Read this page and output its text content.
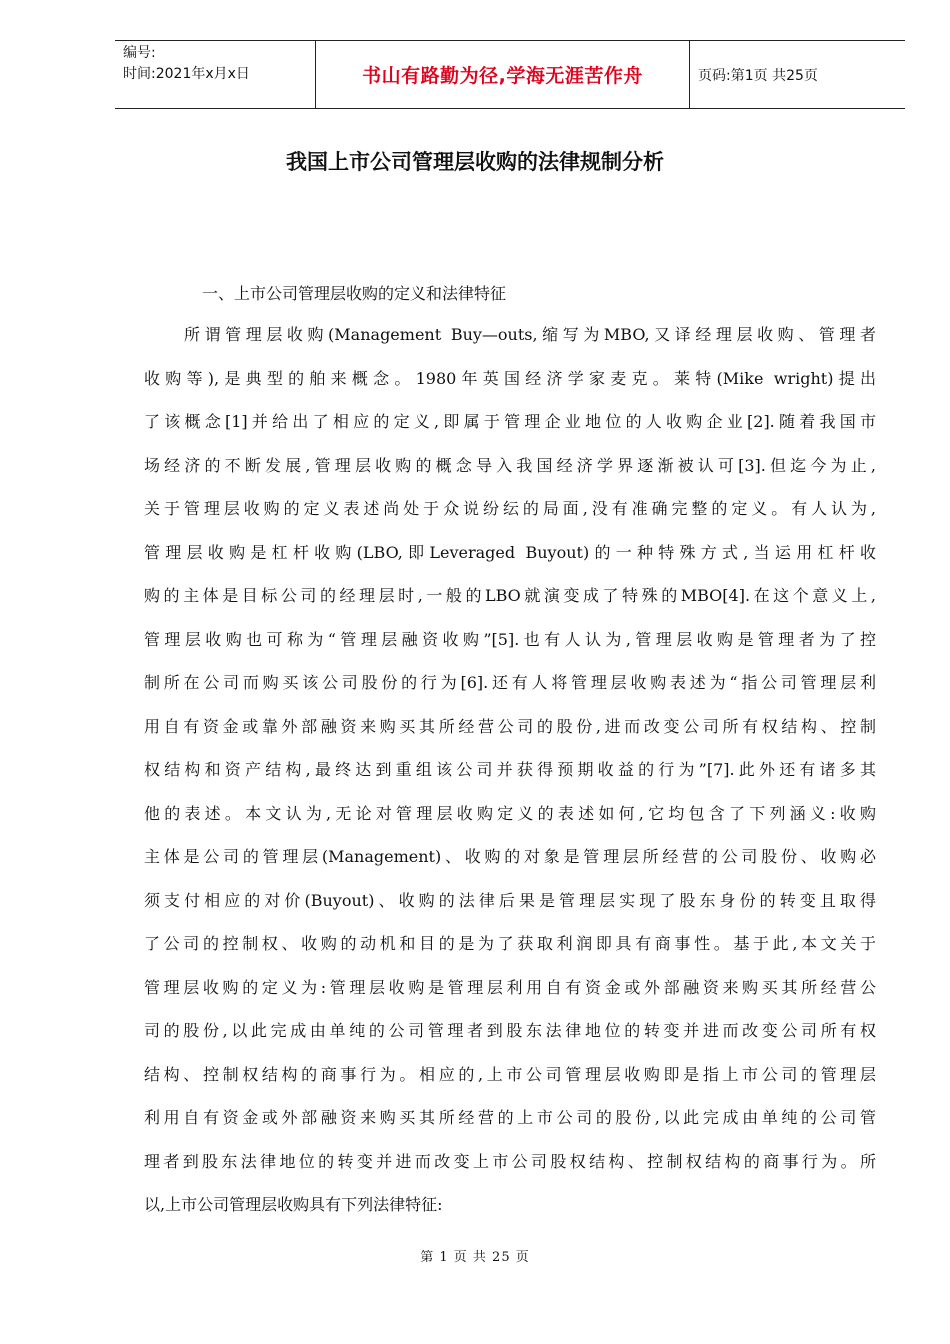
编号:
时间:2021年x月x日	书山有路勤为径,学海无涯苦作舟	页码:第1页 共25页
我国上市公司管理层收购的法律规制分析
一、上市公司管理层收购的定义和法律特征
所谓管理层收购(Management Buy—outs,缩写为MBO,又译经理层收购、管理者
收购等),是典型的舶来概念。1980年英国经济学家麦克。莱特(Mike wright)提出
了该概念[1]并给出了相应的定义,即属于管理企业地位的人收购企业[2].随着我国市
场经济的不断发展,管理层收购的概念导入我国经济学界逐渐被认可[3].但迄今为止,
关于管理层收购的定义表述尚处于众说纷纭的局面,没有准确完整的定义。有人认为,
管理层收购是杠杆收购(LBO,即Leveraged Buyout)的一种特殊方式,当运用杠杆收
购的主体是目标公司的经理层时,一般的LBO就演变成了特殊的MBO[4].在这个意义上,
管理层收购也可称为“管理层融资收购”[5].也有人认为,管理层收购是管理者为了控
制所在公司而购买该公司股份的行为[6].还有人将管理层收购表述为“指公司管理层利
用自有资金或靠外部融资来购买其所经营公司的股份,进而改变公司所有权结构、控制
权结构和资产结构,最终达到重组该公司并获得预期收益的行为”[7].此外还有诸多其
他的表述。本文认为,无论对管理层收购定义的表述如何,它均包含了下列涵义:收购
主体是公司的管理层(Management)、收购的对象是管理层所经营的公司股份、收购必
须支付相应的对价(Buyout)、收购的法律后果是管理层实现了股东身份的转变且取得
了公司的控制权、收购的动机和目的是为了获取利润即具有商事性。基于此,本文关于
管理层收购的定义为:管理层收购是管理层利用自有资金或外部融资来购买其所经营公
司的股份,以此完成由单纯的公司管理者到股东法律地位的转变并进而改变公司所有权
结构、控制权结构的商事行为。相应的,上市公司管理层收购即是指上市公司的管理层
利用自有资金或外部融资来购买其所经营的上市公司的股份,以此完成由单纯的公司管
理者到股东法律地位的转变并进而改变上市公司股权结构、控制权结构的商事行为。所
以,上市公司管理层收购具有下列法律特征:
第 1 页 共 25 页
